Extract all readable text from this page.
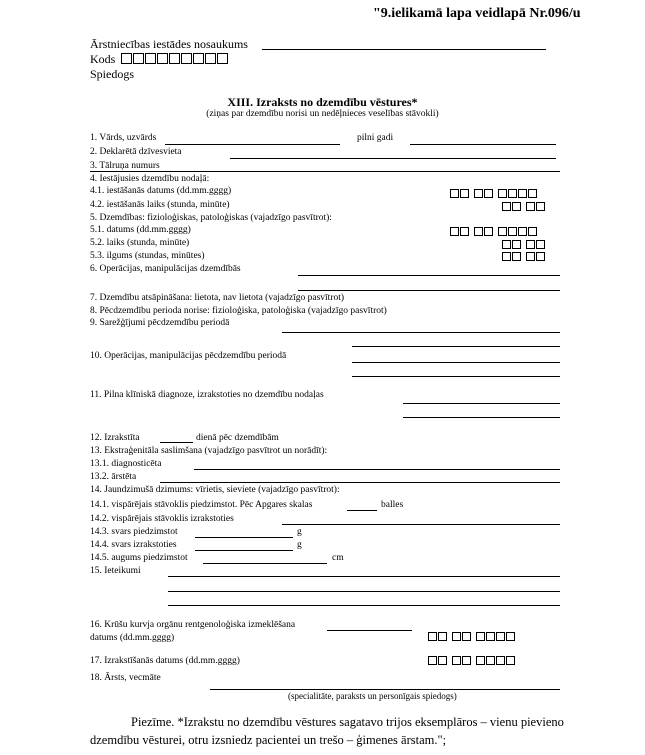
"9.ielikamā lapa veidlapā Nr.096/u
Ārstniecības iestādes nosaukums
Kods
Spiedogs
XIII. Izraksts no dzemdību vēstures*
(ziņas par dzemdību norisi un nedēļnieces veselības stāvokli)
1. Vārds, uzvārds	pilni gadi
2. Deklarētā dzīvesvieta
3. Tālruņa numurs
4. Iestājusies dzemdību nodaļā:
4.1. iestāšanās datums (dd.mm.gggg)
4.2. iestāšanās laiks (stunda, minūte)
5. Dzemdības: fizioloģiskas, patoloģiskas (vajadzīgo pasvītrot):
5.1. datums (dd.mm.gggg)
5.2. laiks (stunda, minūte)
5.3. ilgums (stundas, minūtes)
6. Operācijas, manipulācijas dzemdībās
7. Dzemdību atsāpināšana: lietota, nav lietota (vajadzīgo pasvītrot)
8. Pēcdzemdību perioda norise: fizioloģiska, patoloģiska (vajadzīgo pasvītrot)
9. Sarežģījumi pēcdzemdību periodā
10. Operācijas, manipulācijas pēcdzemdību periodā
11. Pilna klīniskā diagnoze, izrakstoties no dzemdību nodaļas
12. Izrakstīta	dienā pēc dzemdībām
13. Ekstraģenitāla saslimšana (vajadzīgo pasvītrot un norādīt):
13.1. diagnosticēta
13.2. ārstēta
14. Jaundzimušā dzimums: vīrietis, sieviete (vajadzīgo pasvītrot):
14.1. vispārējais stāvoklis piedzimstot. Pēc Apgares skalas	balles
14.2. vispārējais stāvoklis izrakstoties
14.3. svars piedzimstot	g
14.4. svars izrakstoties	g
14.5. augums piedzimstot	cm
15. Ieteikumi
16. Krūšu kurvja orgānu rentgenoloģiska izmeklēšana
datums (dd.mm.gggg)
17. Izrakstīšanās datums (dd.mm.gggg)
18. Ārsts, vecmāte
(specialitāte, paraksts un personīgais spiedogs)
Piezīme. *Izrakstu no dzemdību vēstures sagatavo trijos eksemplāros – vienu pievieno
dzemdību vēsturei, otru izsniedz pacientei un trešo – ģimenes ārstam.";
